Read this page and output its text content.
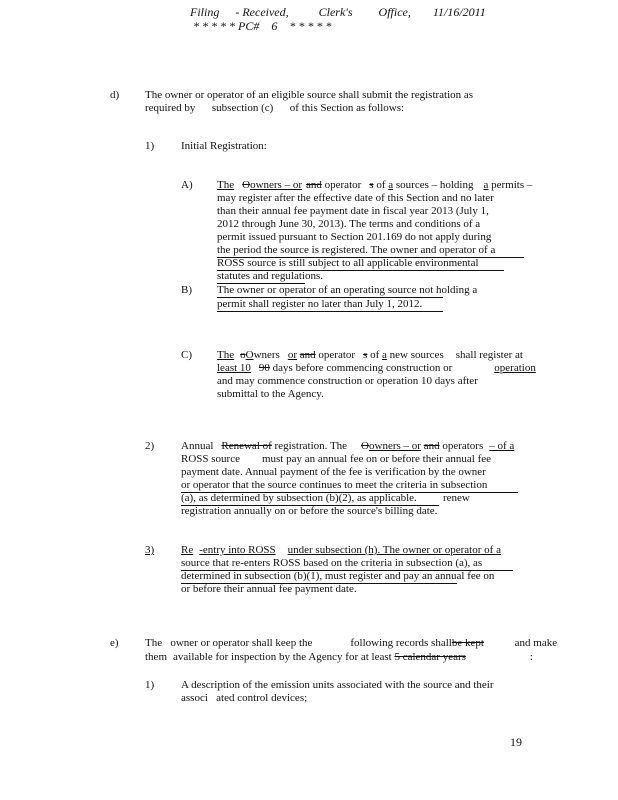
Filing - Received,	Clerk's Office, 11/16/2011
* * * * * PC#    6    * * * * *
d) The owner or operator of an eligible source shall submit the registration as
required by      subsection (c)      of this Section as follows:
1) Initial Registration:
A) The Oowners – or and operator s of a sources – holding a permits –
may register after the effective date of this Section and no later
than their annual fee payment date in fiscal year 2013 (July 1,
2012 through June 30, 2013). The terms and conditions of a
permit issued pursuant to Section 201.169 do not apply during
the period the source is registered. The owner and operator of a
ROSS source is still subject to all applicable environmental
statutes and regulations.
B) The owner or operator of an operating source not holding a
permit shall register no later than July 1, 2012.
C) The oOwners or and operator s of a new sources shall register at
least 10 90 days before commencing construction or	operation
and may commence construction or operation 10 days after
submittal to the Agency.
2) Annual Renewal of registration. The Oowners – or and operators – of a
ROSS source        must pay an annual fee on or before their annual fee
payment date. Annual payment of the fee is verification by the owner
or operator that the source continues to meet the criteria in subsection
(a), as determined by subsection (b)(2), as applicable.	renew
registration annually on or before the source's billing date.
3) Re -entry into ROSS under subsection (h). The owner or operator of a
source that re-enters ROSS based on the criteria in subsection (a), as
determined in subsection (b)(1), must register and pay an annual fee on
or before their annual fee payment date.
e) The   owner or operator shall keep the	following records shallbe kept	and make
them available for inspection by the Agency for at least 5 calendar years	:
1) A description of the emission units associated with the source and their
associ   ated control devices;
19
